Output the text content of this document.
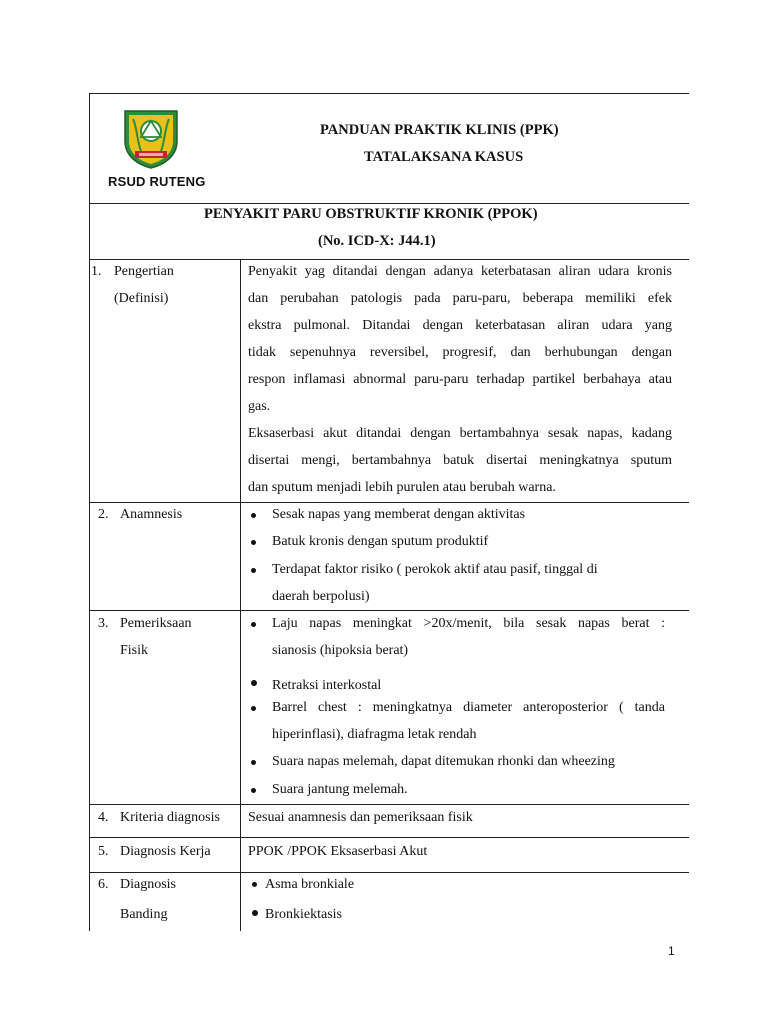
RSUD RUTENG
PANDUAN PRAKTIK KLINIS (PPK)
TATALAKSANA KASUS
PENYAKIT PARU OBSTRUKTIF KRONIK (PPOK)
(No. ICD-X: J44.1)
1. Pengertian
(Definisi)
Penyakit yag ditandai dengan adanya keterbatasan aliran udara kronis
dan perubahan patologis pada paru-paru, beberapa memiliki efek
ekstra pulmonal. Ditandai dengan keterbatasan aliran udara yang
tidak sepenuhnya reversibel, progresif, dan berhubungan dengan
respon inflamasi abnormal paru-paru terhadap partikel berbahaya atau
gas.
Eksaserbasi akut ditandai dengan bertambahnya sesak napas, kadang
disertai mengi, bertambahnya batuk disertai meningkatnya sputum
dan sputum menjadi lebih purulen atau berubah warna.
2. Anamnesis	Sesak napas yang memberat dengan aktivitas
Batuk kronis dengan sputum produktif
Terdapat faktor risiko ( perokok aktif atau pasif, tinggal di
daerah berpolusi)
3. Pemeriksaan
Fisik
Laju napas meningkat >20x/menit, bila sesak napas berat :
sianosis (hipoksia berat)
Retraksi interkostal
Barrel chest : meningkatnya diameter anteroposterior ( tanda
hiperinflasi), diafragma letak rendah
Suara napas melemah, dapat ditemukan rhonki dan wheezing
Suara jantung melemah.
4. Kriteria diagnosis Sesuai anamnesis dan pemeriksaan fisik
5. Diagnosis Kerja	PPOK /PPOK Eksaserbasi Akut
6. Diagnosis
Banding
Asma bronkiale
Bronkiektasis
1
